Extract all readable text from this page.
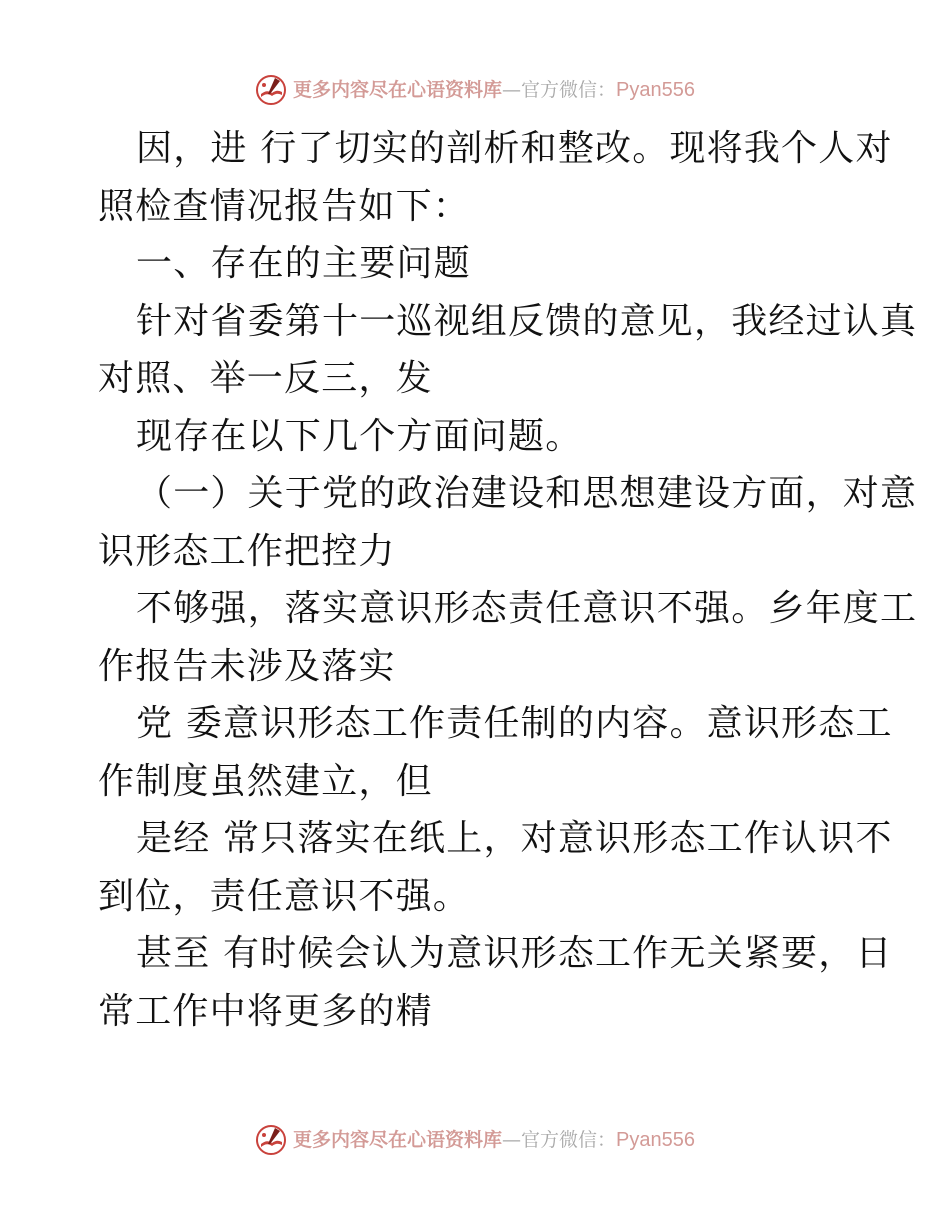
更多内容尽在心语资料库 — 官方微信： Pyan556

因，进 行了切实的剖析和整改。现将我个人对

照检查情况报告如下：

一、存在的主要问题

针对省委第十一巡视组反馈的意见，我经过认真

对照、举一反三，发

现存在以下几个方面问题。

（一）关于党的政治建设和思想建设方面，对意

识形态工作把控力

不够强，落实意识形态责任意识不强。乡年度工

作报告未涉及落实

党 委意识形态工作责任制的内容。意识形态工

作制度虽然建立，但

是经 常只落实在纸上，对意识形态工作认识不

到位，责任意识不强。

甚至 有时候会认为意识形态工作无关紧要，日

常工作中将更多的精

更多内容尽在心语资料库 — 官方微信： Pyan556
